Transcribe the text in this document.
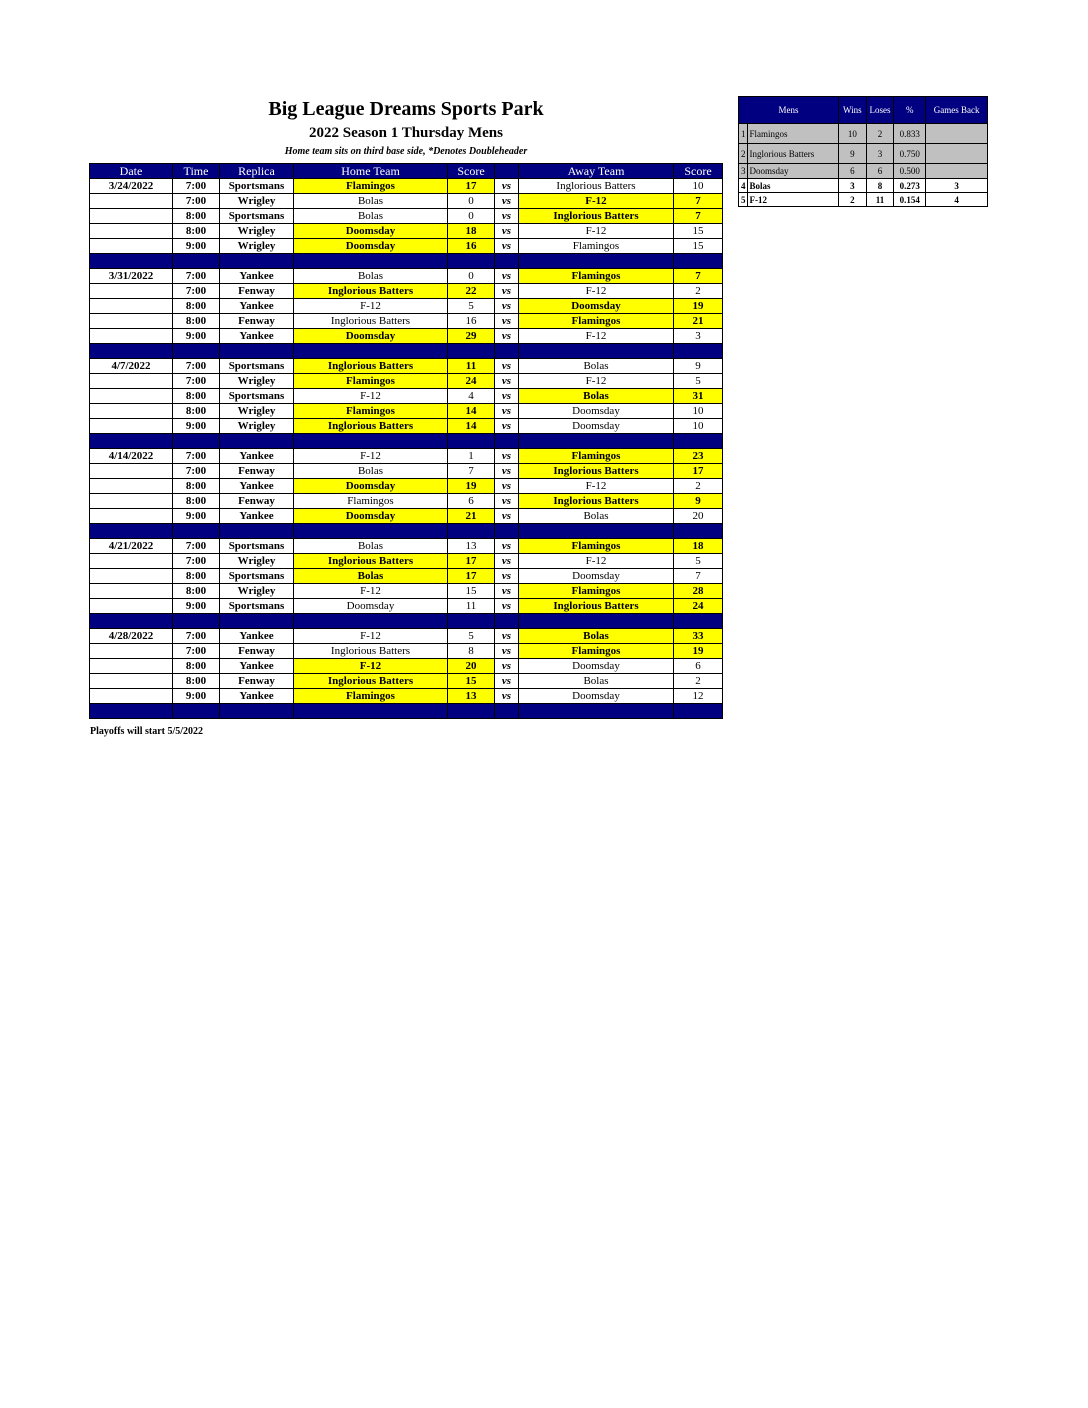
Big League Dreams Sports Park
2022 Season 1 Thursday Mens
Home team sits on third base side, *Denotes Doubleheader
Date	Time	Replica	Home Team	Score		Away Team	Score
3/24/2022	7:00	Sportsmans	Flamingos	17	vs	Inglorious Batters	10
	7:00	Wrigley	Bolas	0	vs	F-12	7
	8:00	Sportsmans	Bolas	0	vs	Inglorious Batters	7
	8:00	Wrigley	Doomsday	18	vs	F-12	15
	9:00	Wrigley	Doomsday	16	vs	Flamingos	15

3/31/2022	7:00	Yankee	Bolas	0	vs	Flamingos	7
	7:00	Fenway	Inglorious Batters	22	vs	F-12	2
	8:00	Yankee	F-12	5	vs	Doomsday	19
	8:00	Fenway	Inglorious Batters	16	vs	Flamingos	21
	9:00	Yankee	Doomsday	29	vs	F-12	3

4/7/2022	7:00	Sportsmans	Inglorious Batters	11	vs	Bolas	9
	7:00	Wrigley	Flamingos	24	vs	F-12	5
	8:00	Sportsmans	F-12	4	vs	Bolas	31
	8:00	Wrigley	Flamingos	14	vs	Doomsday	10
	9:00	Wrigley	Inglorious Batters	14	vs	Doomsday	10

4/14/2022	7:00	Yankee	F-12	1	vs	Flamingos	23
	7:00	Fenway	Bolas	7	vs	Inglorious Batters	17
	8:00	Yankee	Doomsday	19	vs	F-12	2
	8:00	Fenway	Flamingos	6	vs	Inglorious Batters	9
	9:00	Yankee	Doomsday	21	vs	Bolas	20

4/21/2022	7:00	Sportsmans	Bolas	13	vs	Flamingos	18
	7:00	Wrigley	Inglorious Batters	17	vs	F-12	5
	8:00	Sportsmans	Bolas	17	vs	Doomsday	7
	8:00	Wrigley	F-12	15	vs	Flamingos	28
	9:00	Sportsmans	Doomsday	11	vs	Inglorious Batters	24

4/28/2022	7:00	Yankee	F-12	5	vs	Bolas	33
	7:00	Fenway	Inglorious Batters	8	vs	Flamingos	19
	8:00	Yankee	F-12	20	vs	Doomsday	6
	8:00	Fenway	Inglorious Batters	15	vs	Bolas	2
	9:00	Yankee	Flamingos	13	vs	Doomsday	12

Playoffs will start 5/5/2022
Mens		Wins	Loses	%	Games Back
1	Flamingos	10	2	0.833	
2	Inglorious Batters	9	3	0.750	
3	Doomsday	6	6	0.500	
4	Bolas	3	8	0.273	3
5	F-12	2	11	0.154	4
